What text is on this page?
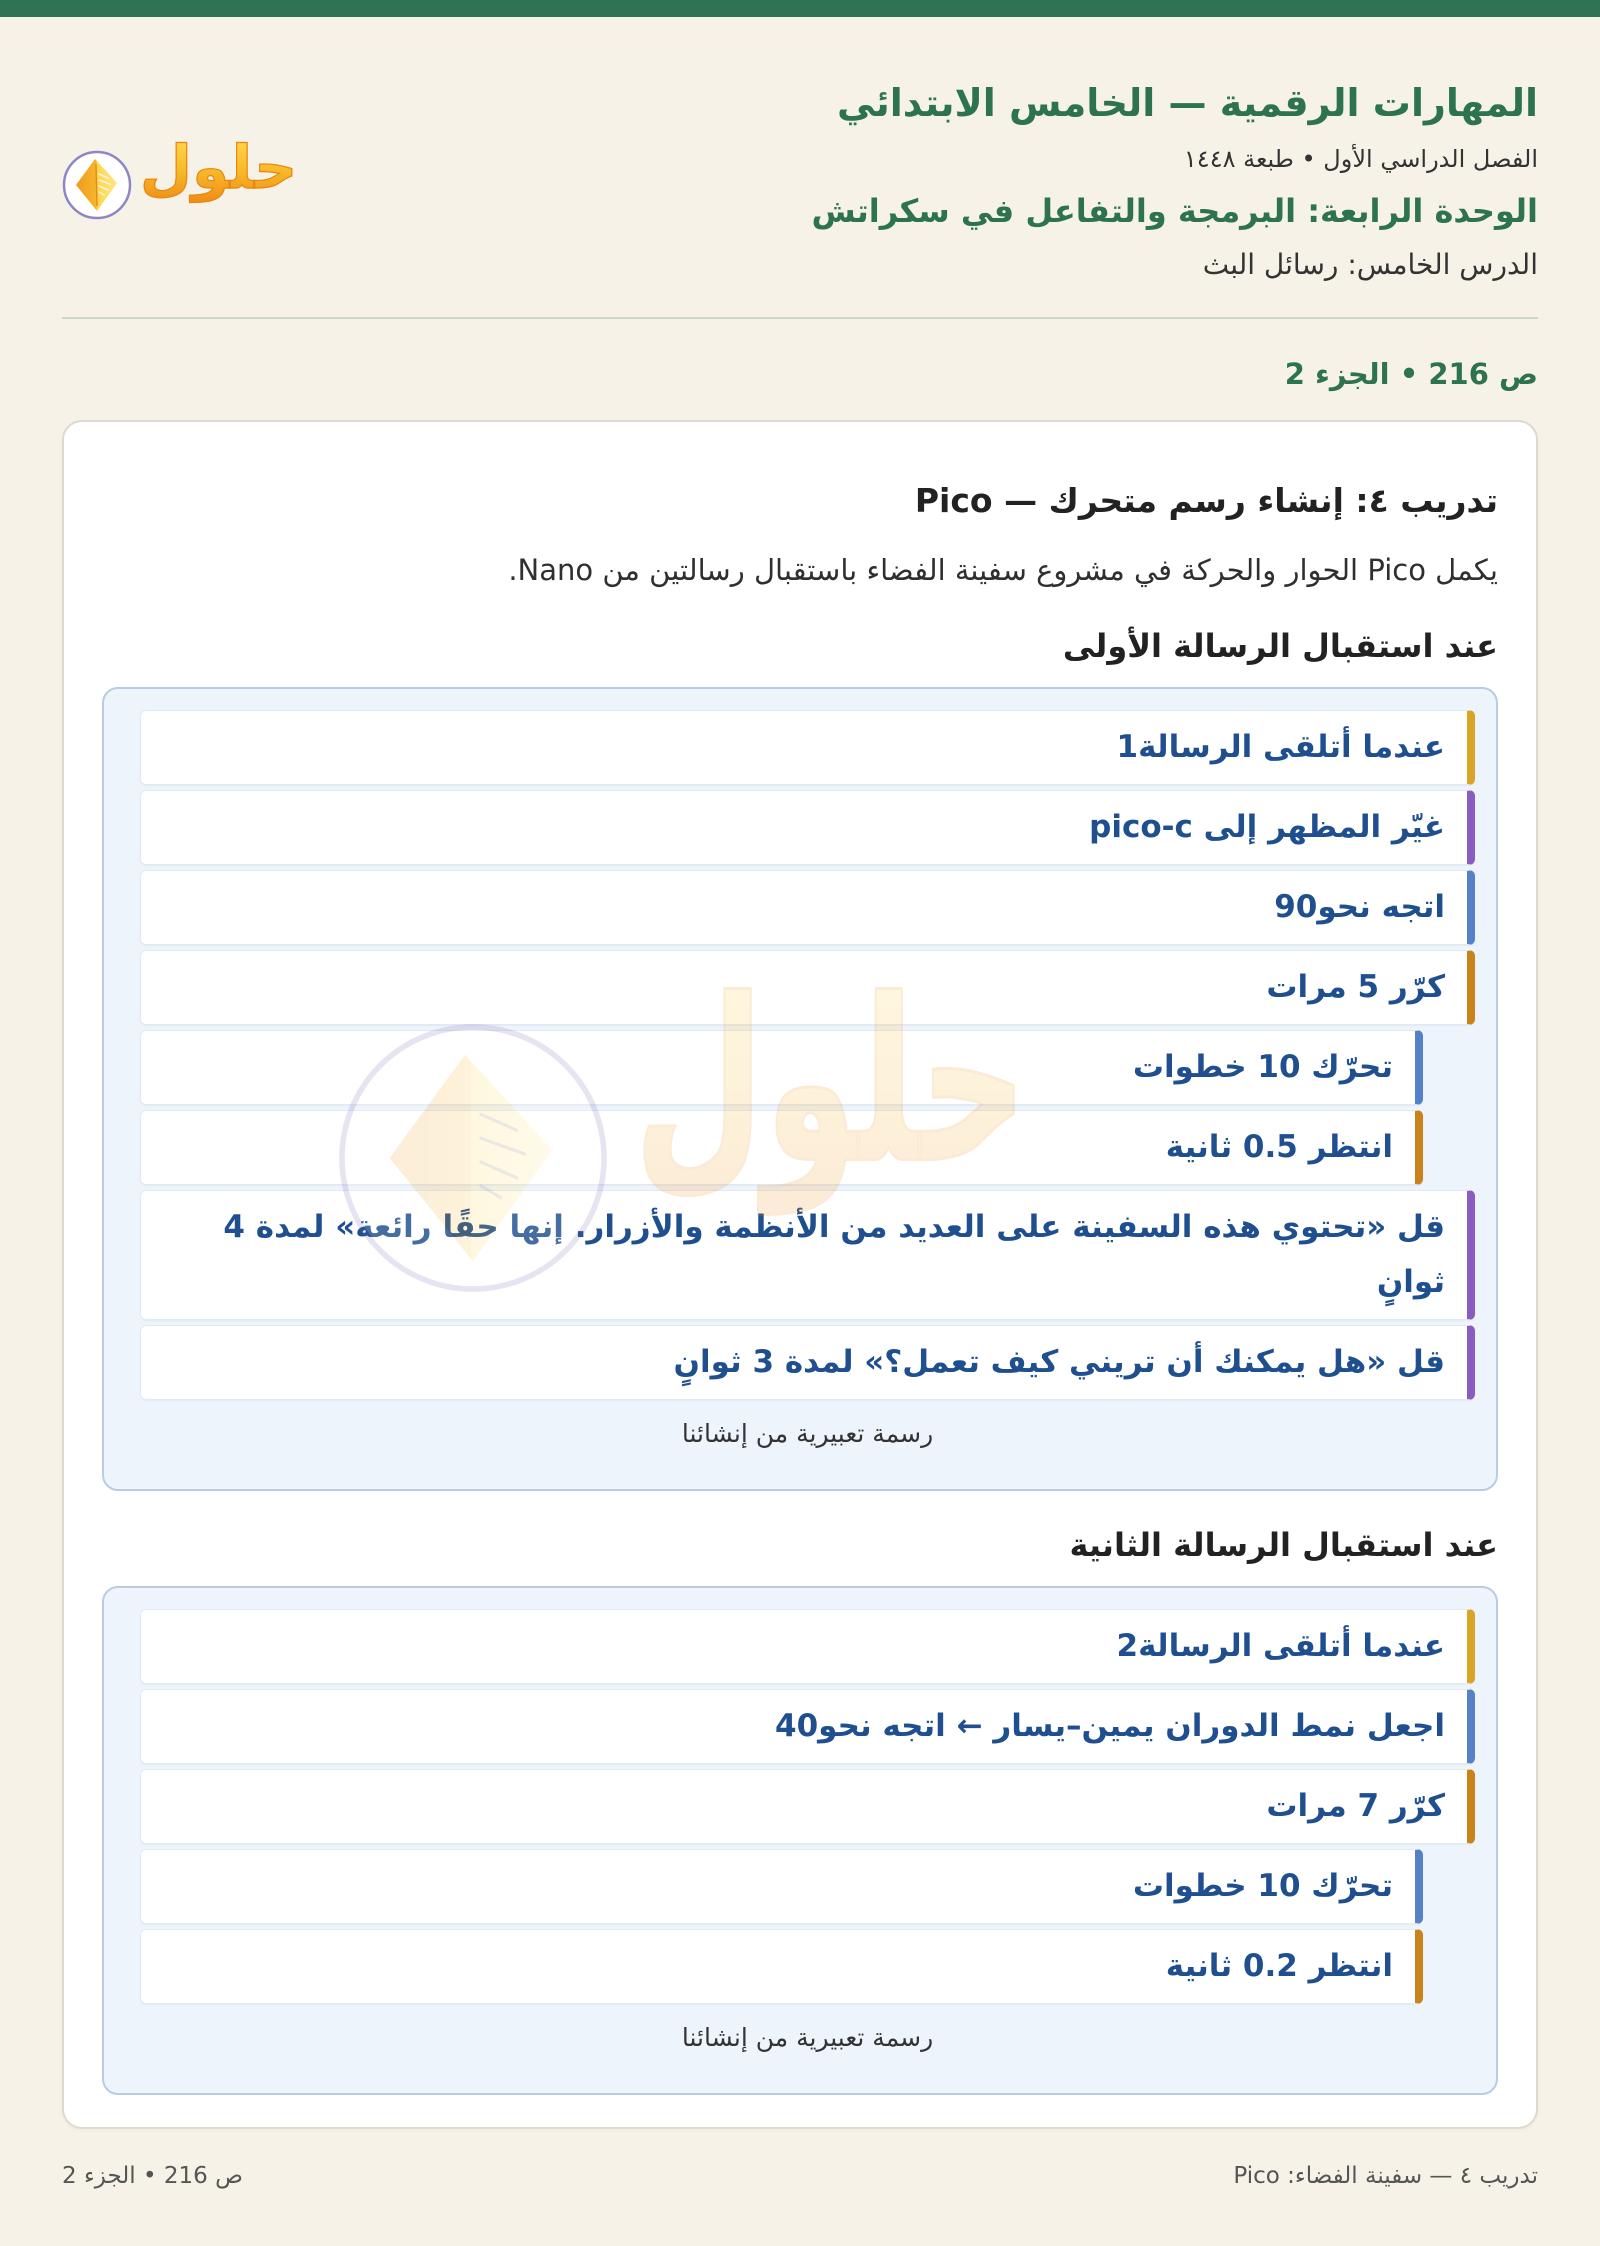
المهارات الرقمية — الخامس الابتدائي
الفصل الدراسي الأول • طبعة ١٤٤٨
الوحدة الرابعة: البرمجة والتفاعل في سكراتش
الدرس الخامس: رسائل البث
حلول
ص 216 • الجزء 2
تدريب ٤: إنشاء رسم متحرك — Pico
يكمل Pico الحوار والحركة في مشروع سفينة الفضاء باستقبال رسالتين من Nano.
عند استقبال الرسالة الأولى
عندما أتلقى الرسالة1
غيّر المظهر إلى pico-c
اتجه نحو90
كرّر 5 مرات
تحرّك 10 خطوات
انتظر 0.5 ثانية
قل «تحتوي هذه السفينة على العديد من الأنظمة والأزرار. إنها حقًا رائعة» لمدة 4 ثوانٍ
قل «هل يمكنك أن تريني كيف تعمل؟» لمدة 3 ثوانٍ
رسمة تعبيرية من إنشائنا
عند استقبال الرسالة الثانية
عندما أتلقى الرسالة2
اجعل نمط الدوران يمين–يسار ← اتجه نحو40
كرّر 7 مرات
تحرّك 10 خطوات
انتظر 0.2 ثانية
رسمة تعبيرية من إنشائنا
تدريب ٤ — سفينة الفضاء: Pico
ص 216 • الجزء 2
